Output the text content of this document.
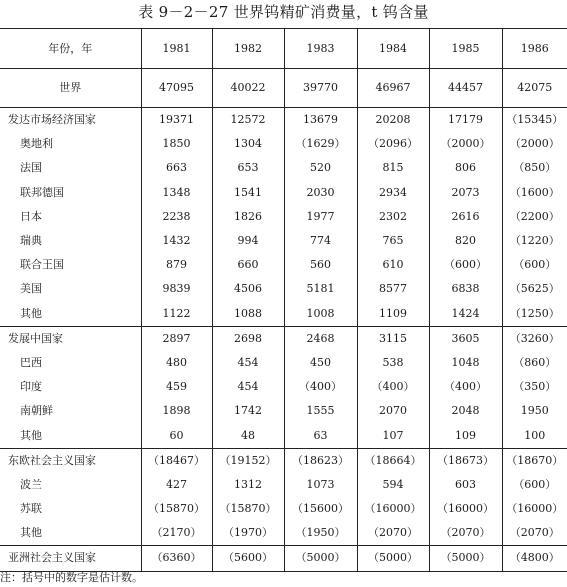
表 9－2－27 世界钨精矿消费量，t 钨含量
年份，年	1981	1982	1983	1984	1985	1986
世界	47095	40022	39770	46967	44457	42075
发达市场经济国家	19371	12572	13679	20208	17179	（15345）
奥地利	1850	1304	（1629）	（2096）	（2000）	（2000）
法国	663	653	520	815	806	（850）
联邦德国	1348	1541	2030	2934	2073	（1600）
日本	2238	1826	1977	2302	2616	（2200）
瑞典	1432	994	774	765	820	（1220）
联合王国	879	660	560	610	（600）	（600）
美国	9839	4506	5181	8577	6838	（5625）
其他	1122	1088	1008	1109	1424	（1250）
发展中国家	2897	2698	2468	3115	3605	（3260）
巴西	480	454	450	538	1048	（860）
印度	459	454	（400）	（400）	（400）	（350）
南朝鲜	1898	1742	1555	2070	2048	1950
其他	60	48	63	107	109	100
东欧社会主义国家	（18467）	（19152）	（18623）	（18664）	（18673）	（18670）
波兰	427	1312	1073	594	603	（600）
苏联	（15870）	（15870）	（15600）	（16000）	（16000）	（16000）
其他	（2170）	（1970）	（1950）	（2070）	（2070）	（2070）
亚洲社会主义国家	（6360）	（5600）	（5000）	（5000）	（5000）	（4800）
注：括号中的数字是估计数。
